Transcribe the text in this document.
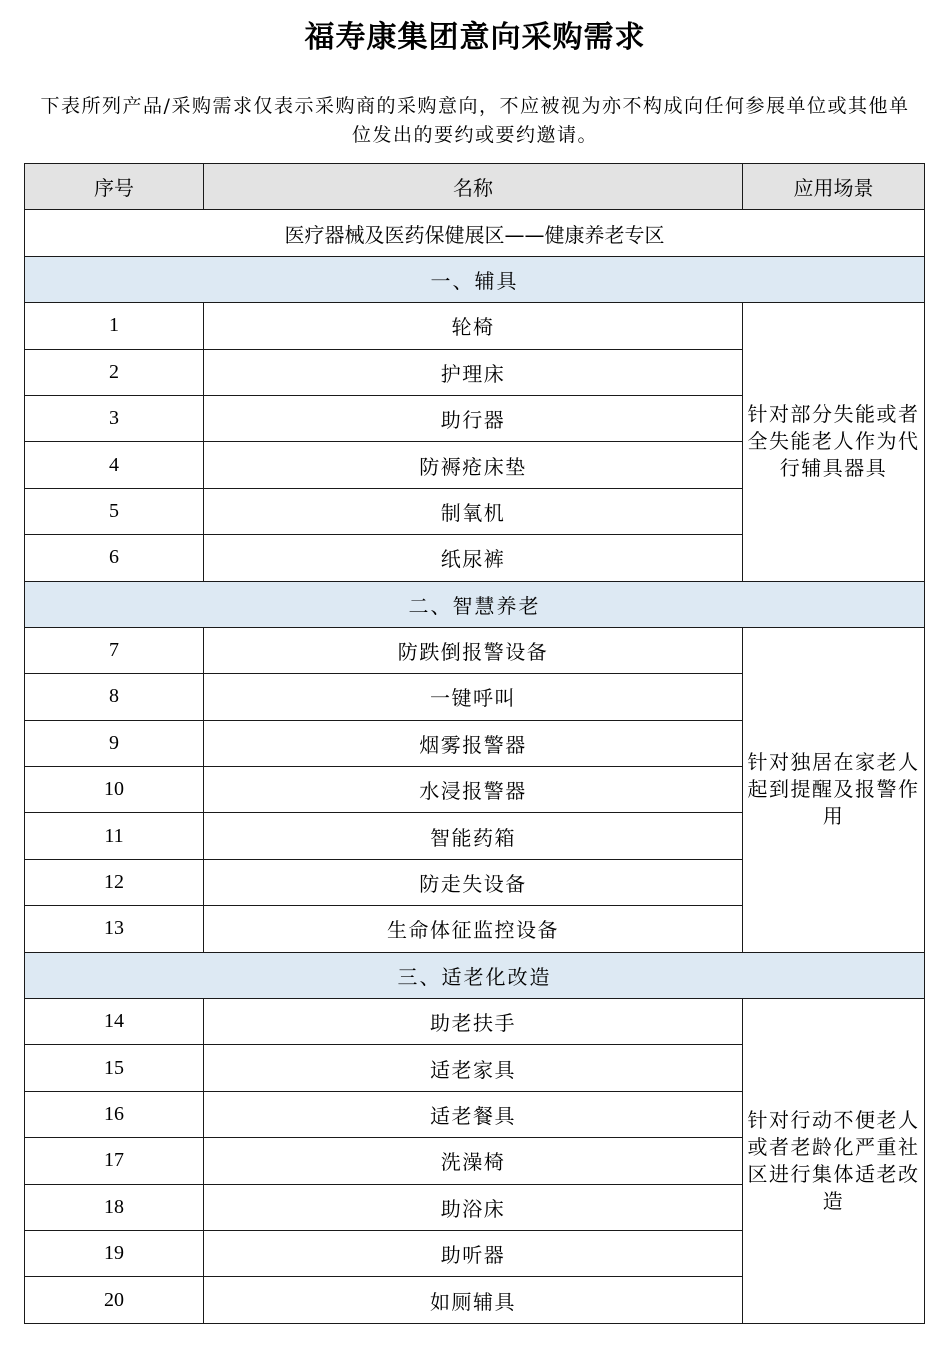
福寿康集团意向采购需求
下表所列产品/采购需求仅表示采购商的采购意向，不应被视为亦不构成向任何参展单位或其他单位发出的要约或要约邀请。
序号	名称	应用场景
医疗器械及医药保健展区——健康养老专区		
一、辅具		
1	轮椅	针对部分失能或者全失能老人作为代行辅具器具
2	护理床	
3	助行器	
4	防褥疮床垫	
5	制氧机	
6	纸尿裤	
二、智慧养老		
7	防跌倒报警设备	针对独居在家老人起到提醒及报警作用
8	一键呼叫	
9	烟雾报警器	
10	水浸报警器	
11	智能药箱	
12	防走失设备	
13	生命体征监控设备	
三、适老化改造		
14	助老扶手	针对行动不便老人或者老龄化严重社区进行集体适老改造
15	适老家具	
16	适老餐具	
17	洗澡椅	
18	助浴床	
19	助听器	
20	如厕辅具	
